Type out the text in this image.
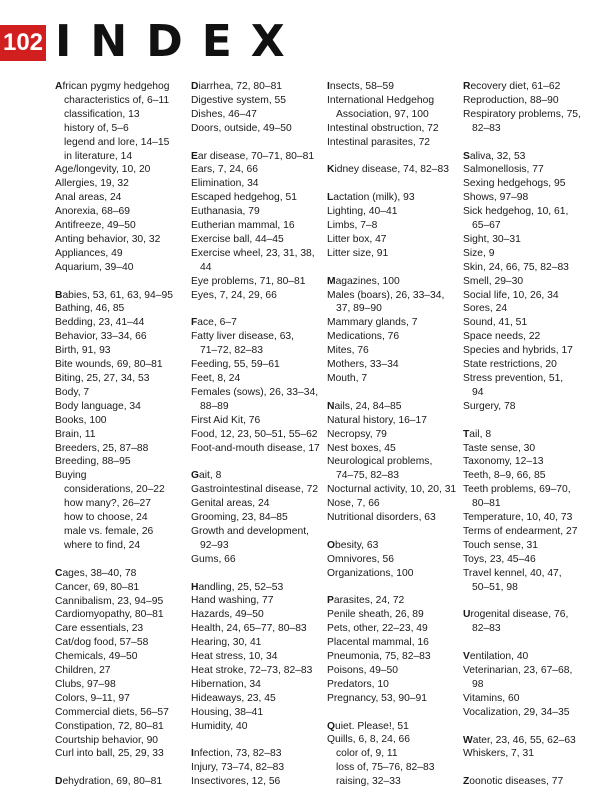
102 INDEX
African pygmy hedgehog
characteristics of, 6–11
classification, 13
history of, 5–6
legend and lore, 14–15
in literature, 14
Age/longevity, 10, 20
Allergies, 19, 32
Anal areas, 24
Anorexia, 68–69
Antifreeze, 49–50
Anting behavior, 30, 32
Appliances, 49
Aquarium, 39–40
Babies, 53, 61, 63, 94–95
Bathing, 46, 85
Bedding, 23, 41–44
Behavior, 33–34, 66
Birth, 91, 93
Bite wounds, 69, 80–81
Biting, 25, 27, 34, 53
Body, 7
Body language, 34
Books, 100
Brain, 11
Breeders, 25, 87–88
Breeding, 88–95
Buying
considerations, 20–22
how many?, 26–27
how to choose, 24
male vs. female, 26
where to find, 24
Cages, 38–40, 78
Cancer, 69, 80–81
Cannibalism, 23, 94–95
Cardiomyopathy, 80–81
Care essentials, 23
Cat/dog food, 57–58
Chemicals, 49–50
Children, 27
Clubs, 97–98
Colors, 9–11, 97
Commercial diets, 56–57
Constipation, 72, 80–81
Courtship behavior, 90
Curl into ball, 25, 29, 33
Dehydration, 69, 80–81
Diarrhea, 72, 80–81
Digestive system, 55
Dishes, 46–47
Doors, outside, 49–50
Ear disease, 70–71, 80–81
Ears, 7, 24, 66
Elimination, 34
Escaped hedgehog, 51
Euthanasia, 79
Eutherian mammal, 16
Exercise ball, 44–45
Exercise wheel, 23, 31, 38,
44
Eye problems, 71, 80–81
Eyes, 7, 24, 29, 66
Face, 6–7
Fatty liver disease, 63,
71–72, 82–83
Feeding, 55, 59–61
Feet, 8, 24
Females (sows), 26, 33–34,
88–89
First Aid Kit, 76
Food, 12, 23, 50–51, 55–62
Foot-and-mouth disease, 17
Gait, 8
Gastrointestinal disease, 72
Genital areas, 24
Grooming, 23, 84–85
Growth and development,
92–93
Gums, 66
Handling, 25, 52–53
Hand washing, 77
Hazards, 49–50
Health, 24, 65–77, 80–83
Hearing, 30, 41
Heat stress, 10, 34
Heat stroke, 72–73, 82–83
Hibernation, 34
Hideaways, 23, 45
Housing, 38–41
Humidity, 40
Infection, 73, 82–83
Injury, 73–74, 82–83
Insectivores, 12, 56
Insects, 58–59
International Hedgehog
Association, 97, 100
Intestinal obstruction, 72
Intestinal parasites, 72
Kidney disease, 74, 82–83
Lactation (milk), 93
Lighting, 40–41
Limbs, 7–8
Litter box, 47
Litter size, 91
Magazines, 100
Males (boars), 26, 33–34,
37, 89–90
Mammary glands, 7
Medications, 76
Mites, 76
Mothers, 33–34
Mouth, 7
Nails, 24, 84–85
Natural history, 16–17
Necropsy, 79
Nest boxes, 45
Neurological problems,
74–75, 82–83
Nocturnal activity, 10, 20, 31
Nose, 7, 66
Nutritional disorders, 63
Obesity, 63
Omnivores, 56
Organizations, 100
Parasites, 24, 72
Penile sheath, 26, 89
Pets, other, 22–23, 49
Placental mammal, 16
Pneumonia, 75, 82–83
Poisons, 49–50
Predators, 10
Pregnancy, 53, 90–91
Quiet. Please!, 51
Quills, 6, 8, 24, 66
color of, 9, 11
loss of, 75–76, 82–83
raising, 32–33
Recovery diet, 61–62
Reproduction, 88–90
Respiratory problems, 75,
82–83
Saliva, 32, 53
Salmonellosis, 77
Sexing hedgehogs, 95
Shows, 97–98
Sick hedgehog, 10, 61,
65–67
Sight, 30–31
Size, 9
Skin, 24, 66, 75, 82–83
Smell, 29–30
Social life, 10, 26, 34
Sores, 24
Sound, 41, 51
Space needs, 22
Species and hybrids, 17
State restrictions, 20
Stress prevention, 51,
94
Surgery, 78
Tail, 8
Taste sense, 30
Taxonomy, 12–13
Teeth, 8–9, 66, 85
Teeth problems, 69–70,
80–81
Temperature, 10, 40, 73
Terms of endearment, 27
Touch sense, 31
Toys, 23, 45–46
Travel kennel, 40, 47,
50–51, 98
Urogenital disease, 76,
82–83
Ventilation, 40
Veterinarian, 23, 67–68,
98
Vitamins, 60
Vocalization, 29, 34–35
Water, 23, 46, 55, 62–63
Whiskers, 7, 31
Zoonotic diseases, 77
